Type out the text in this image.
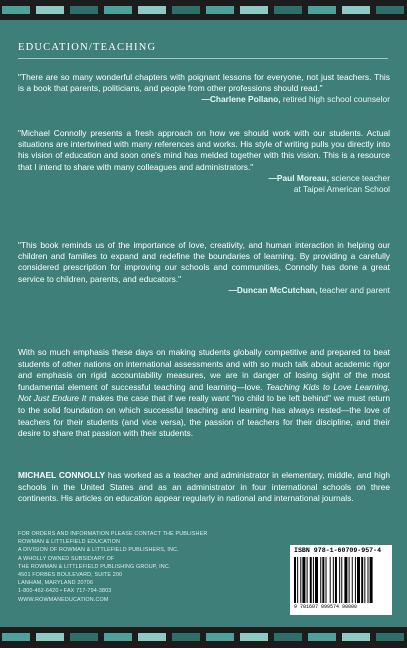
EDUCATION/TEACHING

"There are so many wonderful chapters with poignant lessons for everyone, not just teachers. This is a book that parents, politicians, and people from other professions should read."

—Charlene Pollano, retired high school counselor

"Michael Connolly presents a fresh approach on how we should work with our students. Actual situations are intertwined with many references and works. His style of writing pulls you directly into his vision of education and soon one's mind has melded together with this vision. This is a resource that I intend to share with many colleagues and administrators."

—Paul Moreau, science teacher

at Taipei American School

"This book reminds us of the importance of love, creativity, and human interaction in helping our children and families to expand and redefine the boundaries of learning. By providing a carefully considered prescription for improving our schools and communities, Connolly has done a great service to children, parents, and educators."

—Duncan McCutchan, teacher and parent

With so much emphasis these days on making students globally competitive and prepared to beat students of other nations on international assessments and with so much talk about academic rigor and emphasis on rigid accountability measures, we are in danger of losing sight of the most fundamental element of successful teaching and learning—love. Teaching Kids to Love Learning, Not Just Endure It makes the case that if we really want "no child to be left behind" we must return to the solid foundation on which successful teaching and learning has always rested—the love of teachers for their students (and vice versa), the passion of teachers for their discipline, and their desire to share that passion with their students.
MICHAEL CONNOLLY has worked as a teacher and administrator in elementary, middle, and high schools in the United States and as an administrator in four international schools on three continents. His articles on education appear regularly in national and international journals.
FOR ORDERS AND INFORMATION PLEASE CONTACT THE PUBLISHER
ROWMAN & LITTLEFIELD EDUCATION
A DIVISION OF ROWMAN & LITTLEFIELD PUBLISHERS, INC.
A WHOLLY OWNED SUBSIDIARY OF
THE ROWMAN & LITTLEFIELD PUBLISHING GROUP, INC.
4501 FORBES BOULEVARD, SUITE 200
LANHAM, MARYLAND 20706
1-800-462-6420 • FAX 717-794-3803
WWW.ROWMANEDUCATION.COM
ISBN 978-1-60709-957-4
9 781607 099574 90000
